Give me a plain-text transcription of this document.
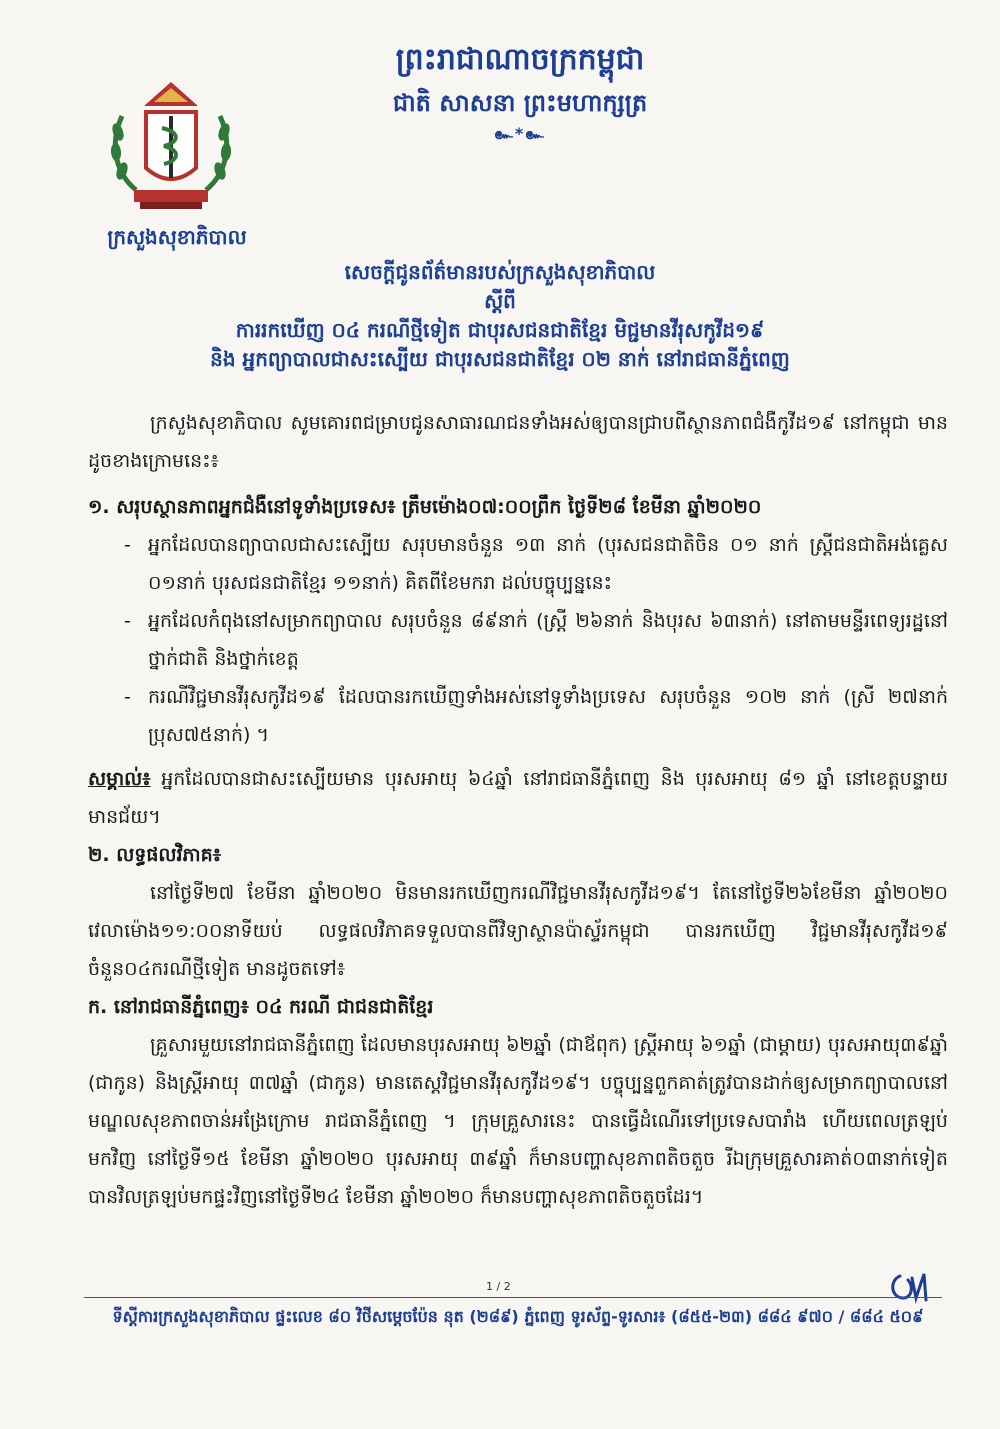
ព្រះរាជាណាចក្រកម្ពុជា
ជាតិ សាសនា ព្រះមហាក្សត្រ
๛*๛
ក្រសួងសុខាភិបាល
សេចក្ដីជូនព័ត៌មានរបស់ក្រសួងសុខាភិបាល
ស្ដីពី
ការរកឃើញ ០៤ ករណីថ្មីទៀត ជាបុរសជនជាតិខ្មែរ មិជ្ជមានវីរុសកូវីដ១៩
និង អ្នកព្យាបាលជាសះស្បើយ ជាបុរសជនជាតិខ្មែរ ០២ នាក់ នៅរាជធានីភ្នំពេញ
ក្រសួងសុខាភិបាល សូមគោរពជម្រាបជូនសាធារណជនទាំងអស់ឲ្យបានជ្រាបពីស្ថានភាពជំងឺកូវីដ១៩ នៅកម្ពុជា មានដូចខាងក្រោមនេះ៖
១. សរុបស្ថានភាពអ្នកជំងឺនៅទូទាំងប្រទេស៖ ត្រឹមម៉ោង០៧:០០ព្រឹក ថ្ងៃទី២៨ ខែមីនា ឆ្នាំ២០២០
- អ្នកដែលបានព្យាបាលជាសះស្បើយ សរុបមានចំនួន ១៣ នាក់ (បុរសជនជាតិចិន ០១ នាក់ ស្ត្រីជនជាតិអង់គ្លេស ០១នាក់ បុរសជនជាតិខ្មែរ ១១នាក់) គិតពីខែមករា ដល់បច្ចុប្បន្ននេះ
- អ្នកដែលកំពុងនៅសម្រាកព្យាបាល សរុបចំនួន ៨៩នាក់ (ស្ត្រី ២៦នាក់ និងបុរស ៦៣នាក់) នៅតាមមន្ទីរពេទ្យរដ្ឋនៅថ្នាក់ជាតិ និងថ្នាក់ខេត្ត
- ករណីវិជ្ជមានវីរុសកូវីដ១៩ ដែលបានរកឃើញទាំងអស់នៅទូទាំងប្រទេស សរុបចំនួន ១០២ នាក់ (ស្រី ២៧នាក់ ប្រុស៧៥នាក់) ។
សម្គាល់៖ អ្នកដែលបានជាសះស្បើយមាន បុរសអាយុ ៦៤ឆ្នាំ នៅរាជធានីភ្នំពេញ និង បុរសអាយុ ៨១ ឆ្នាំ នៅខេត្តបន្ទាយមានជ័យ។
២. លទ្ធផលវិភាគ៖
នៅថ្ងៃទី២៧ ខែមីនា ឆ្នាំ២០២០ មិនមានរកឃើញករណីវិជ្ជមានវីរុសកូវីដ១៩។ តែនៅថ្ងៃទី២៦ខែមីនា ឆ្នាំ២០២០ វេលាម៉ោង១១:០០នាទីយប់ លទ្ធផលវិភាគទទួលបានពីវិទ្យាស្ថានប៉ាស្ទ័រកម្ពុជា បានរកឃើញ វិជ្ជមានវីរុសកូវីដ១៩ ចំនួន០៤ករណីថ្មីទៀត មានដូចតទៅ៖
ក. នៅរាជធានីភ្នំពេញ៖ ០៤ ករណី ជាជនជាតិខ្មែរ
គ្រួសារមួយនៅរាជធានីភ្នំពេញ ដែលមានបុរសអាយុ ៦២ឆ្នាំ (ជាឪពុក) ស្ត្រីអាយុ ៦១ឆ្នាំ (ជាម្ដាយ) បុរសអាយុ៣៩ឆ្នាំ (ជាកូន) និងស្ត្រីអាយុ ៣៧ឆ្នាំ (ជាកូន) មានតេស្តវិជ្ជមានវីរុសកូវីដ១៩។ បច្ចុប្បន្នពួកគាត់ត្រូវបានដាក់ឲ្យសម្រាកព្យាបាលនៅមណ្ឌលសុខភាពចាន់អង្រែក្រោម រាជធានីភ្នំពេញ ។ ក្រុមគ្រួសារនេះ បានធ្វើដំណើរទៅប្រទេសបារាំង ហើយពេលត្រឡប់មកវិញ នៅថ្ងៃទី១៥ ខែមីនា ឆ្នាំ២០២០ បុរសអាយុ ៣៩ឆ្នាំ ក៏មានបញ្ហាសុខភាពតិចតួច រីឯក្រុមគ្រួសារគាត់០៣នាក់ទៀត បានវិលត្រឡប់មកផ្ទះវិញនៅថ្ងៃទី២៤ ខែមីនា ឆ្នាំ២០២០ ក៏មានបញ្ហាសុខភាពតិចតួចដែរ។
1 / 2
ទីស្ដីការក្រសួងសុខាភិបាល ផ្ទះលេខ ៨០ វិថីសម្ដេចប៉ែន នុត (២៨៩) ភ្នំពេញ ទូរស័ព្ទ-ទូរសារ៖ (៨៥៥-២៣) ៨៨៤ ៩៧០ / ៨៨៤ ៥០៩
